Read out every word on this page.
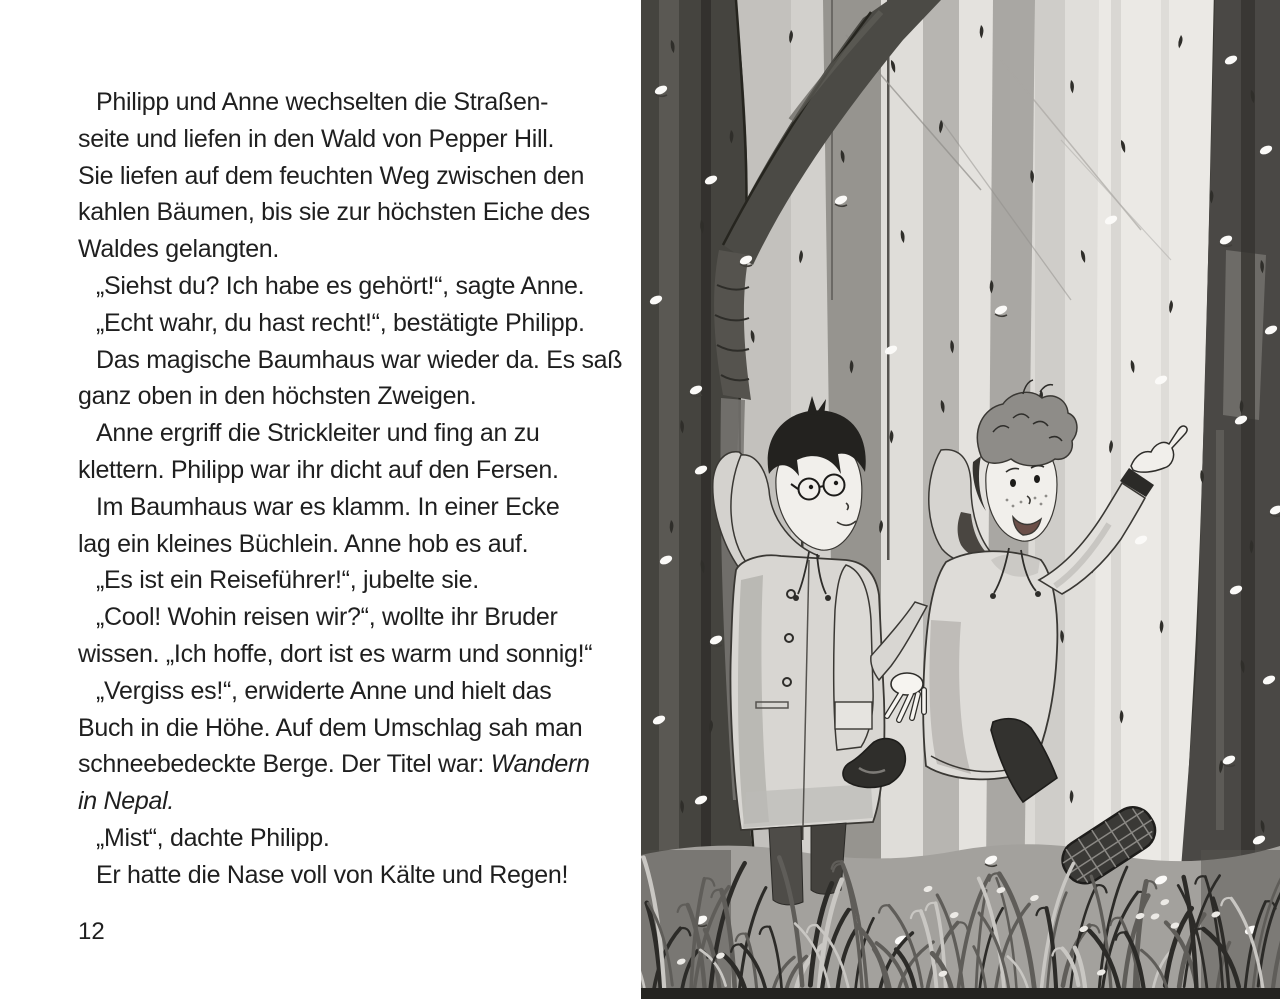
Philipp und Anne wechselten die Straßen-
seite und liefen in den Wald von Pepper Hill.
Sie liefen auf dem feuchten Weg zwischen den
kahlen Bäumen, bis sie zur höchsten Eiche des
Waldes gelangten.
„Siehst du? Ich habe es gehört!“, sagte Anne.
„Echt wahr, du hast recht!“, bestätigte Philipp.
Das magische Baumhaus war wieder da. Es saß
ganz oben in den höchsten Zweigen.
Anne ergriff die Strickleiter und fing an zu
klettern. Philipp war ihr dicht auf den Fersen.
Im Baumhaus war es klamm. In einer Ecke
lag ein kleines Büchlein. Anne hob es auf.
„Es ist ein Reiseführer!“, jubelte sie.
„Cool! Wohin reisen wir?“, wollte ihr Bruder
wissen. „Ich hoffe, dort ist es warm und sonnig!“
„Vergiss es!“, erwiderte Anne und hielt das
Buch in die Höhe. Auf dem Umschlag sah man
schneebedeckte Berge. Der Titel war: Wandern
in Nepal.
„Mist“, dachte Philipp.
Er hatte die Nase voll von Kälte und Regen!
12
